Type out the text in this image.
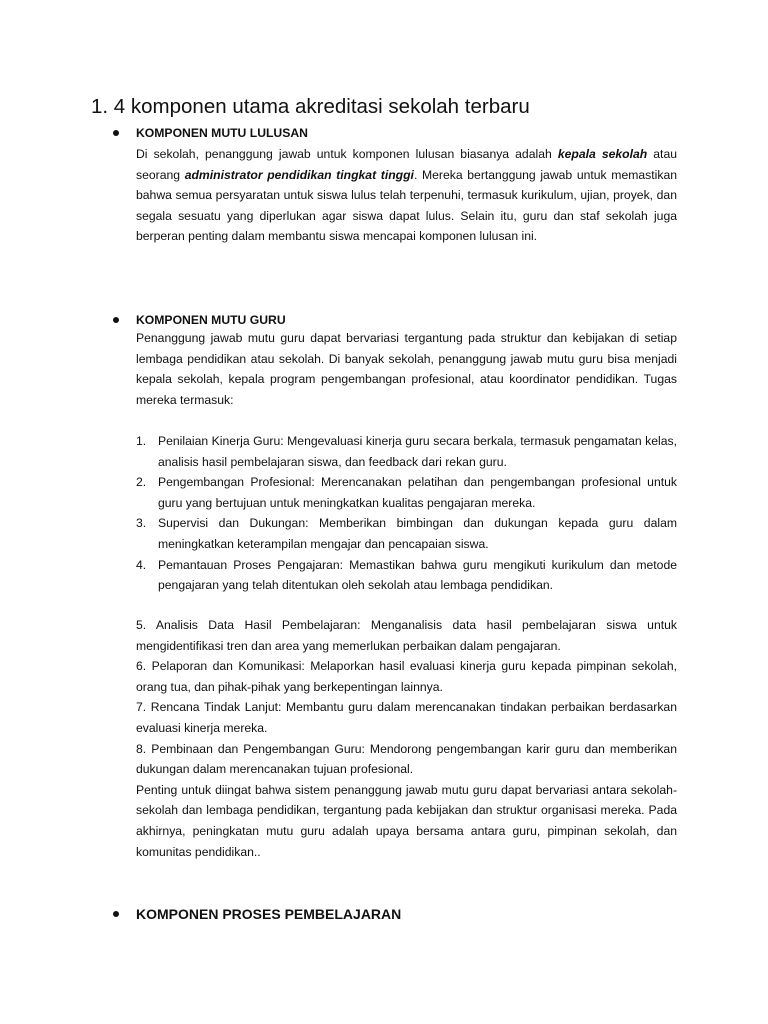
1. 4 komponen utama akreditasi sekolah terbaru
KOMPONEN MUTU LULUSAN
Di sekolah, penanggung jawab untuk komponen lulusan biasanya adalah kepala sekolah atau seorang administrator pendidikan tingkat tinggi. Mereka bertanggung jawab untuk memastikan bahwa semua persyaratan untuk siswa lulus telah terpenuhi, termasuk kurikulum, ujian, proyek, dan segala sesuatu yang diperlukan agar siswa dapat lulus. Selain itu, guru dan staf sekolah juga berperan penting dalam membantu siswa mencapai komponen lulusan ini.
KOMPONEN MUTU GURU
Penanggung jawab mutu guru dapat bervariasi tergantung pada struktur dan kebijakan di setiap lembaga pendidikan atau sekolah. Di banyak sekolah, penanggung jawab mutu guru bisa menjadi kepala sekolah, kepala program pengembangan profesional, atau koordinator pendidikan. Tugas mereka termasuk:
1. Penilaian Kinerja Guru: Mengevaluasi kinerja guru secara berkala, termasuk pengamatan kelas, analisis hasil pembelajaran siswa, dan feedback dari rekan guru.
2. Pengembangan Profesional: Merencanakan pelatihan dan pengembangan profesional untuk guru yang bertujuan untuk meningkatkan kualitas pengajaran mereka.
3. Supervisi dan Dukungan: Memberikan bimbingan dan dukungan kepada guru dalam meningkatkan keterampilan mengajar dan pencapaian siswa.
4. Pemantauan Proses Pengajaran: Memastikan bahwa guru mengikuti kurikulum dan metode pengajaran yang telah ditentukan oleh sekolah atau lembaga pendidikan.
5. Analisis Data Hasil Pembelajaran: Menganalisis data hasil pembelajaran siswa untuk mengidentifikasi tren dan area yang memerlukan perbaikan dalam pengajaran.
6. Pelaporan dan Komunikasi: Melaporkan hasil evaluasi kinerja guru kepada pimpinan sekolah, orang tua, dan pihak-pihak yang berkepentingan lainnya.
7. Rencana Tindak Lanjut: Membantu guru dalam merencanakan tindakan perbaikan berdasarkan evaluasi kinerja mereka.
8. Pembinaan dan Pengembangan Guru: Mendorong pengembangan karir guru dan memberikan dukungan dalam merencanakan tujuan profesional.
Penting untuk diingat bahwa sistem penanggung jawab mutu guru dapat bervariasi antara sekolah-sekolah dan lembaga pendidikan, tergantung pada kebijakan dan struktur organisasi mereka. Pada akhirnya, peningkatan mutu guru adalah upaya bersama antara guru, pimpinan sekolah, dan komunitas pendidikan..
KOMPONEN PROSES PEMBELAJARAN
